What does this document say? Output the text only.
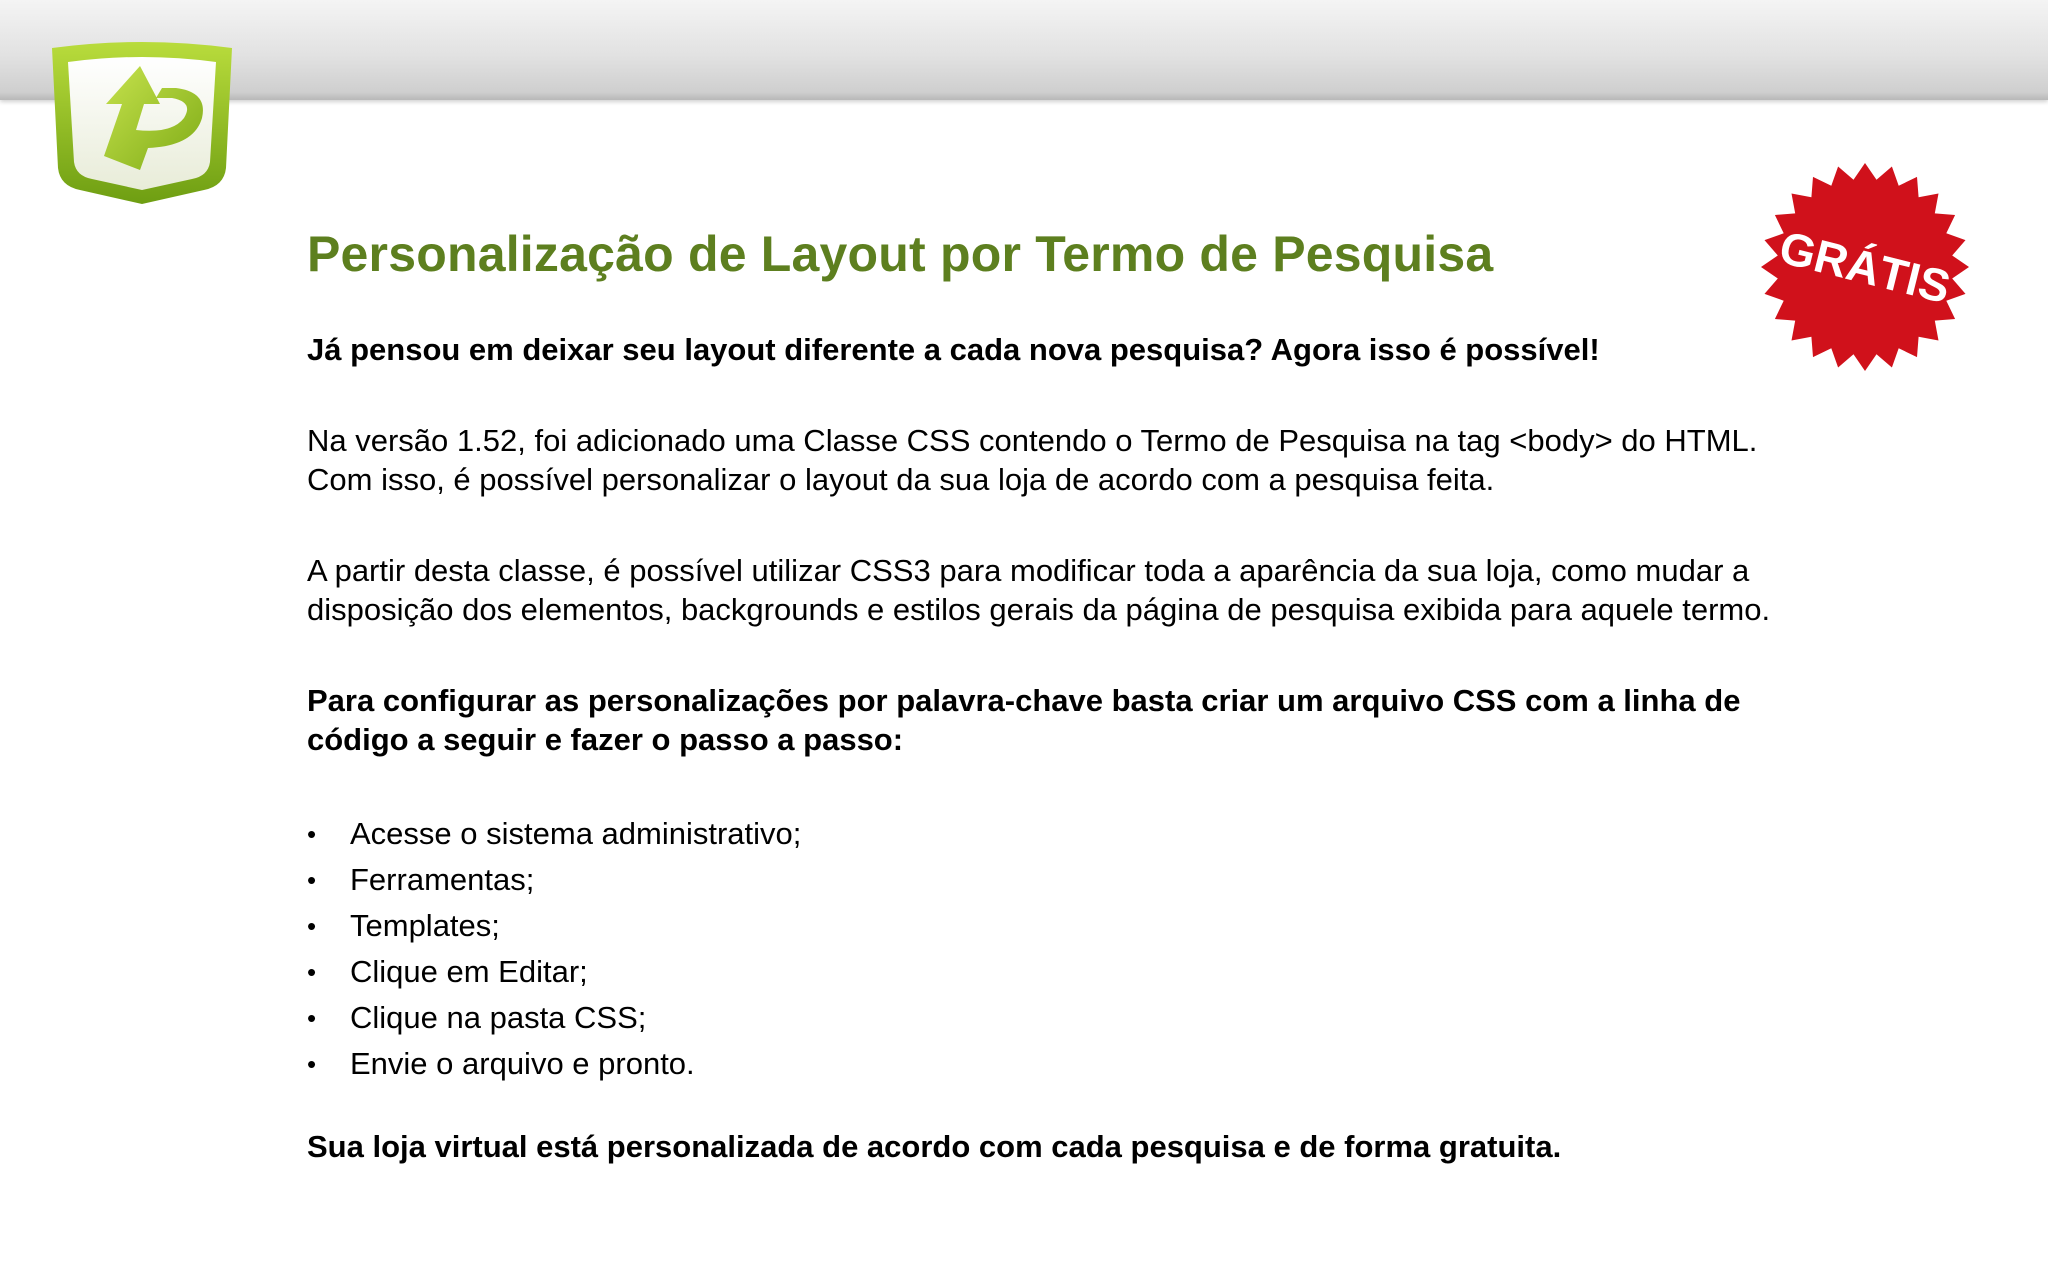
GRÁTIS
Personalização de Layout por Termo de Pesquisa

Já pensou em deixar seu layout diferente a cada nova pesquisa? Agora isso é possível!

Na versão 1.52, foi adicionado uma Classe CSS contendo o Termo de Pesquisa na tag <body> do HTML.
Com isso, é possível personalizar o layout da sua loja de acordo com a pesquisa feita.

A partir desta classe, é possível utilizar CSS3 para modificar toda a aparência da sua loja, como mudar a
disposição dos elementos, backgrounds e estilos gerais da página de pesquisa exibida para aquele termo.

Para configurar as personalizações por palavra-chave basta criar um arquivo CSS com a linha de
código a seguir e fazer o passo a passo:

• Acesse o sistema administrativo;
• Ferramentas;
• Templates;
• Clique em Editar;
• Clique na pasta CSS;
• Envie o arquivo e pronto.

Sua loja virtual está personalizada de acordo com cada pesquisa e de forma gratuita.
